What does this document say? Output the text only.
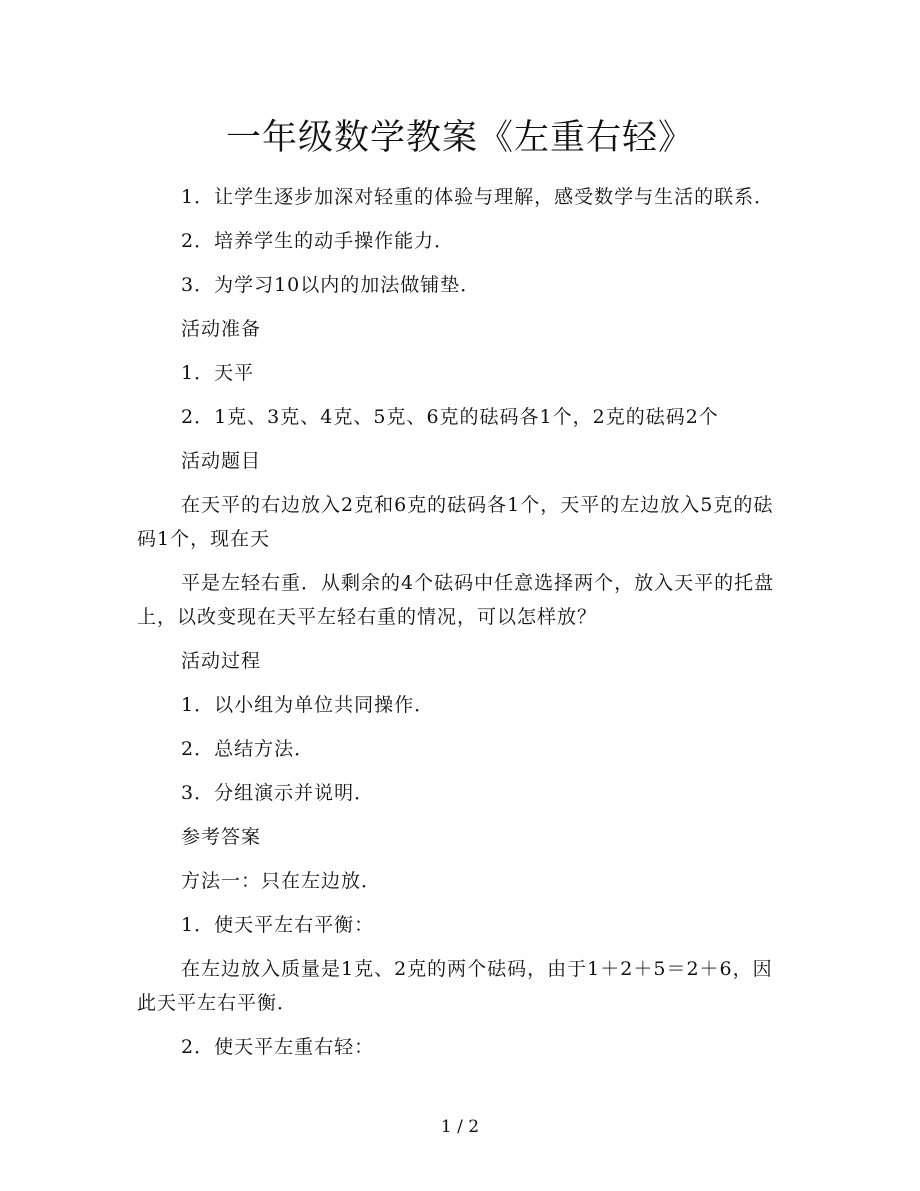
一年级数学教案《左重右轻》

1．让学生逐步加深对轻重的体验与理解，感受数学与生活的联系．

2．培养学生的动手操作能力．

3．为学习10以内的加法做铺垫．

活动准备

1．天平

2．1克、3克、4克、5克、6克的砝码各1个，2克的砝码2个

活动题目

在天平的右边放入2克和6克的砝码各1个，天平的左边放入5克的砝码1个，现在天

平是左轻右重．从剩余的4个砝码中任意选择两个，放入天平的托盘上，以改变现在天平左轻右重的情况，可以怎样放？

活动过程

1．以小组为单位共同操作．

2．总结方法．

3．分组演示并说明．

参考答案

方法一：只在左边放．

1．使天平左右平衡：

在左边放入质量是1克、2克的两个砝码，由于1＋2＋5＝2＋6，因此天平左右平衡．

2．使天平左重右轻：

1 / 2
